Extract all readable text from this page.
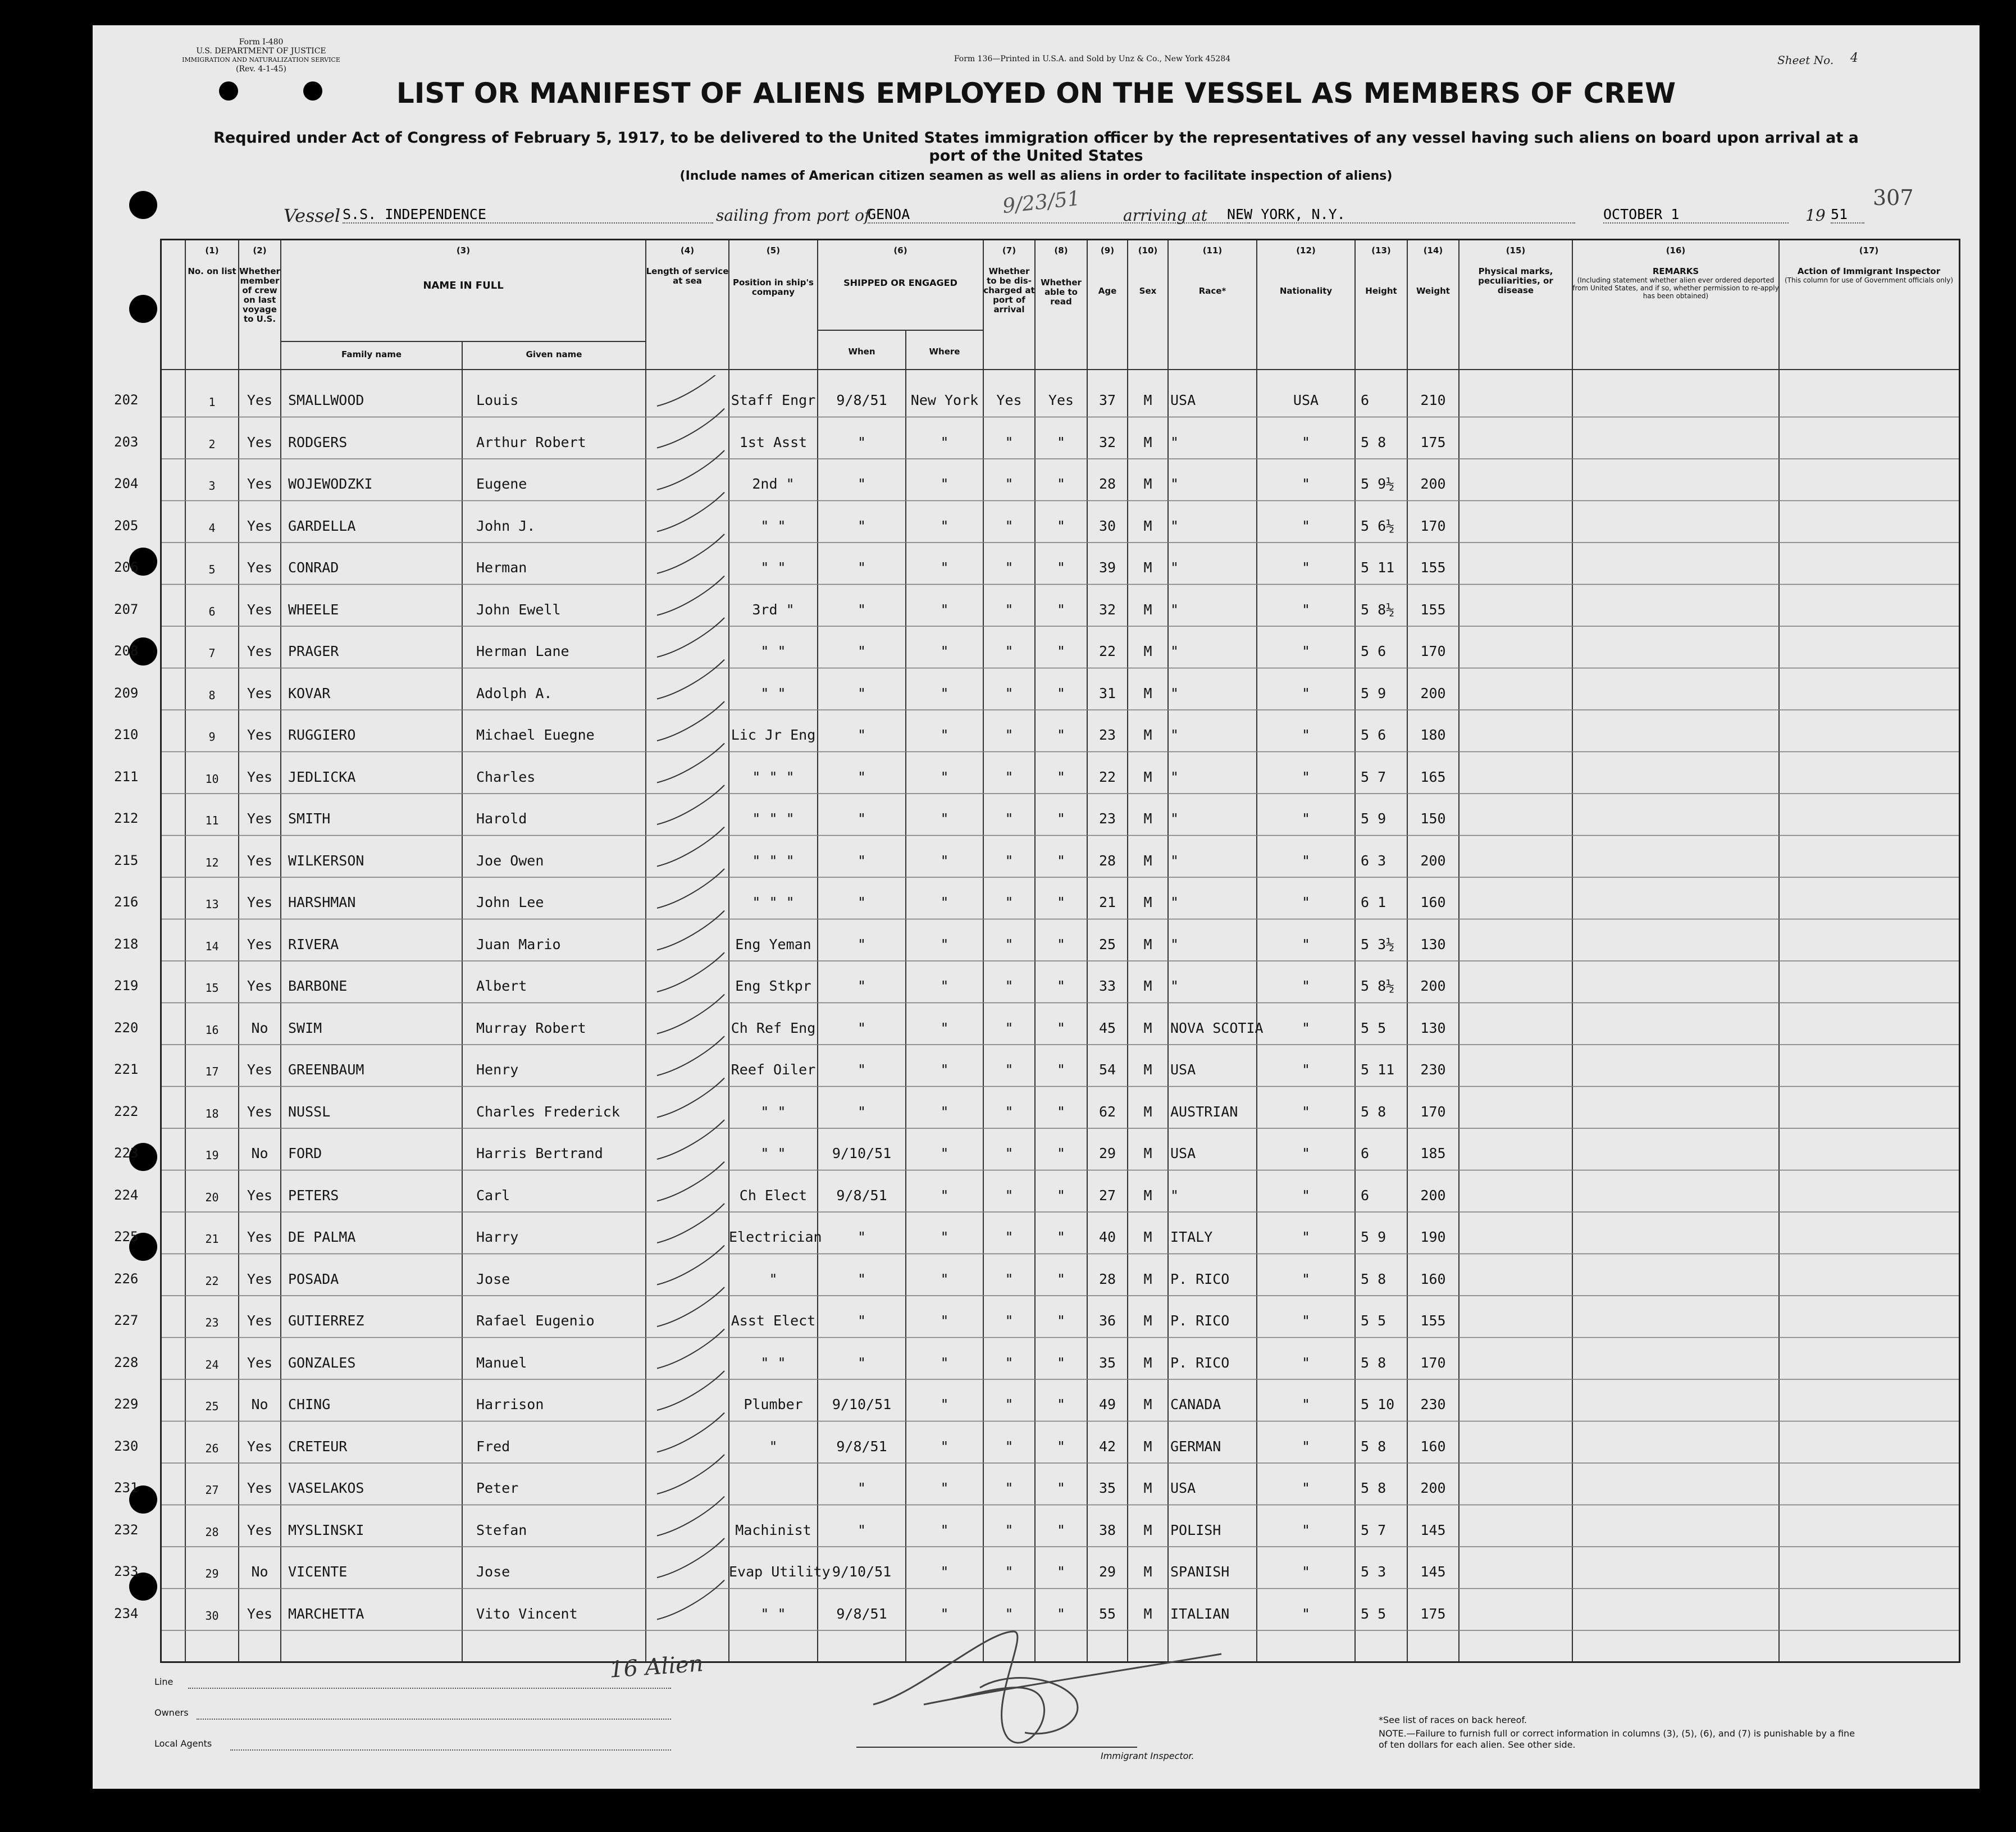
Form I-480
U.S. DEPARTMENT OF JUSTICE
IMMIGRATION AND NATURALIZATION SERVICE
(Rev. 4-1-45)
Form 136—Printed in U.S.A. and Sold by Unz & Co., New York 45284	Sheet No. 4
307
LIST OR MANIFEST OF ALIENS EMPLOYED ON THE VESSEL AS MEMBERS OF CREW
Required under Act of Congress of February 5, 1917, to be delivered to the United States immigration officer by the representatives of any vessel having such aliens on board upon arrival at a port of the United States
(Include names of American citizen seamen as well as aliens in order to facilitate inspection of aliens)
Vessel S.S. INDEPENDENCE	sailing from port of
GENOA	9/23/51	arriving at NEW YORK, N.Y.	OCTOBER 1	19 51
(1)
No. on list
(2)
Whether member of crew on last voyage to U.S.
(3)
NAME IN FULL
Family name	Given name
(4)
Length of service at sea
(5)
Position in ship's company
(6)
SHIPPED OR ENGAGED
When	Where
(7)
Whether to be dis-charged at port of arrival
(8)
Whether able to read
(9)
Age
(10)
Sex
(11)
Race*
(12)
Nationality
(13)
Height
(14)
Weight
(15)
Physical marks, peculiarities, or disease
(16)
REMARKS
(Including statement whether alien ever ordered deported from United States, and if so, whether permission to re-apply has been obtained)
(17)
Action of Immigrant Inspector
(This column for use of Government officials only)
202	1	Yes	SMALLWOOD	Louis	Staff Engr	9/8/51	New York	Yes	Yes	37	M	USA	USA	6	210
203	2	Yes	RODGERS	Arthur Robert	1st Asst	"	"	"	"	32	M	"	"	5 8	175
204	3	Yes	WOJEWODZKI	Eugene	2nd "	"	"	"	"	28	M	"	"	5 9½	200
205	4	Yes	GARDELLA	John J.	" "	"	"	"	"	30	M	"	"	5 6½	170
206	5	Yes	CONRAD	Herman	" "	"	"	"	"	39	M	"	"	5 11	155
207	6	Yes	WHEELE	John Ewell	3rd "	"	"	"	"	32	M	"	"	5 8½	155
208	7	Yes	PRAGER	Herman Lane	" "	"	"	"	"	22	M	"	"	5 6	170
209	8	Yes	KOVAR	Adolph A.	" "	"	"	"	"	31	M	"	"	5 9	200
210	9	Yes	RUGGIERO	Michael Euegne	Lic Jr Eng	"	"	"	"	23	M	"	"	5 6	180
211	10	Yes	JEDLICKA	Charles	" " "	"	"	"	"	22	M	"	"	5 7	165
212	11	Yes	SMITH	Harold	" " "	"	"	"	"	23	M	"	"	5 9	150
215	12	Yes	WILKERSON	Joe Owen	" " "	"	"	"	"	28	M	"	"	6 3	200
216	13	Yes	HARSHMAN	John Lee	" " "	"	"	"	"	21	M	"	"	6 1	160
218	14	Yes	RIVERA	Juan Mario	Eng Yeman	"	"	"	"	25	M	"	"	5 3½	130
219	15	Yes	BARBONE	Albert	Eng Stkpr	"	"	"	"	33	M	"	"	5 8½	200
220	16	No	SWIM	Murray Robert	Ch Ref Eng	"	"	"	"	45	M	NOVA SCOTIA	"	5 5	130
221	17	Yes	GREENBAUM	Henry	Reef Oiler	"	"	"	"	54	M	USA	"	5 11	230
222	18	Yes	NUSSL	Charles Frederick	" "	"	"	"	"	62	M	AUSTRIAN	"	5 8	170
223	19	No	FORD	Harris Bertrand	" "	9/10/51	"	"	"	29	M	USA	"	6	185
224	20	Yes	PETERS	Carl	Ch Elect	9/8/51	"	"	"	27	M	"	"	6	200
225	21	Yes	DE PALMA	Harry	Electrician	"	"	"	"	40	M	ITALY	"	5 9	190
226	22	Yes	POSADA	Jose	"	"	"	"	"	28	M	P. RICO	"	5 8	160
227	23	Yes	GUTIERREZ	Rafael Eugenio	Asst Elect	"	"	"	"	36	M	P. RICO	"	5 5	155
228	24	Yes	GONZALES	Manuel	" "	"	"	"	"	35	M	P. RICO	"	5 8	170
229	25	No	CHING	Harrison	Plumber	9/10/51	"	"	"	49	M	CANADA	"	5 10	230
230	26	Yes	CRETEUR	Fred	"	9/8/51	"	"	"	42	M	GERMAN	"	5 8	160
231	27	Yes	VASELAKOS	Peter	"	"	"	"	35	M	USA	"	5 8	200
232	28	Yes	MYSLINSKI	Stefan	Machinist	"	"	"	"	38	M	POLISH	"	5 7	145
233	29	No	VICENTE	Jose	Evap Utility 9/10/51	"	"	"	29	M	SPANISH	"	5 3	145
234	30	Yes	MARCHETTA	Vito Vincent	" "	9/8/51	"	"	"	55	M	ITALIAN	"	5 5	175
16 Alien
Line
Owners
Local Agents
Immigrant Inspector.
*See list of races on back hereof.
NOTE.—Failure to furnish full or correct information in columns (3), (5), (6), and (7) is punishable by a fine of ten dollars for each alien. See other side.
